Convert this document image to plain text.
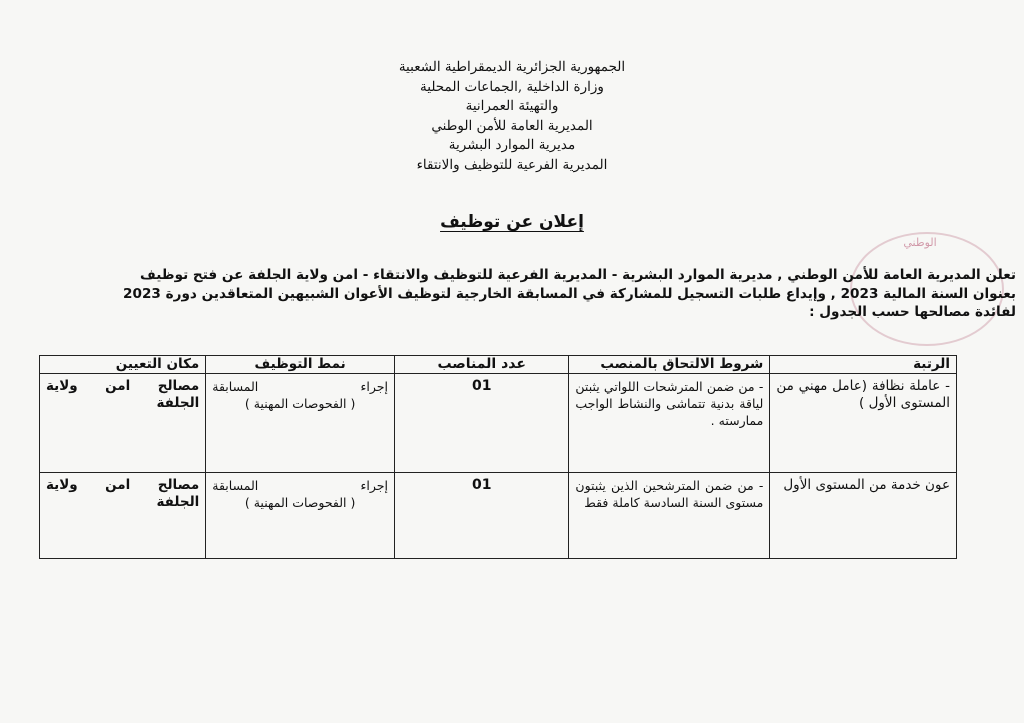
الجمهورية الجزائرية الديمقراطية الشعبية
وزارة الداخلية ,الجماعات المحلية
والتهيئة العمرانية
المديرية العامة للأمن الوطني
مديرية الموارد البشرية
المديرية الفرعية للتوظيف والانتقاء
الوطني
إعلان عن توظيف
تعلن المديرية العامة للأمن الوطني , مديرية الموارد البشرية - المديرية الفرعية للتوظيف والانتقاء - امن ولاية الجلفة عن فتح توظيف
بعنوان السنة المالية 2023 , وإيداع طلبات التسجيل للمشاركة في المسابقة الخارجية لتوظيف الأعوان الشبيهين المتعاقدين دورة 2023
لفائدة مصالحها حسب الجدول :
الرتبة	شروط الالتحاق بالمنصب	عدد المناصب	نمط التوظيف	مكان التعيين
- عاملة نظافة (عامل مهني من المستوى الأول )	- من ضمن المترشحات اللواتي يثبتن لياقة بدنية تتماشى والنشاط الواجب ممارسته .	01	إجراء المسابقة
( الفحوصات المهنية )	مصالح امن ولاية الجلفة
عون خدمة من المستوى الأول	- من ضمن المترشحين الذين يثبتون مستوى السنة السادسة كاملة فقط	01	إجراء المسابقة
( الفحوصات المهنية )	مصالح امن ولاية الجلفة
